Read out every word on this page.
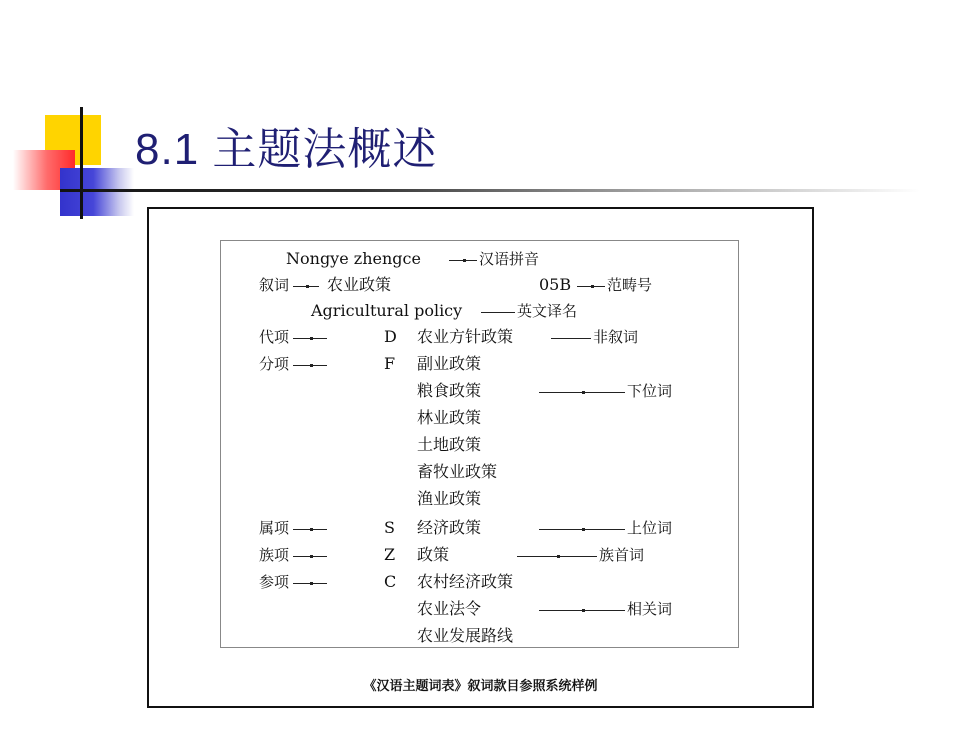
8.1 主题法概述
Nongye zhengce	汉语拼音
叙词 农业政策	05B 范畴号
Agricultural policy	英文译名
代项	D 农业方针政策	非叙词
分项	F 副业政策
粮食政策	下位词
林业政策
土地政策
畜牧业政策
渔业政策
属项	S 经济政策	上位词
族项	Z 政策	族首词
参项	C 农村经济政策
农业法令	相关词
农业发展路线
《汉语主题词表》叙词款目参照系统样例
